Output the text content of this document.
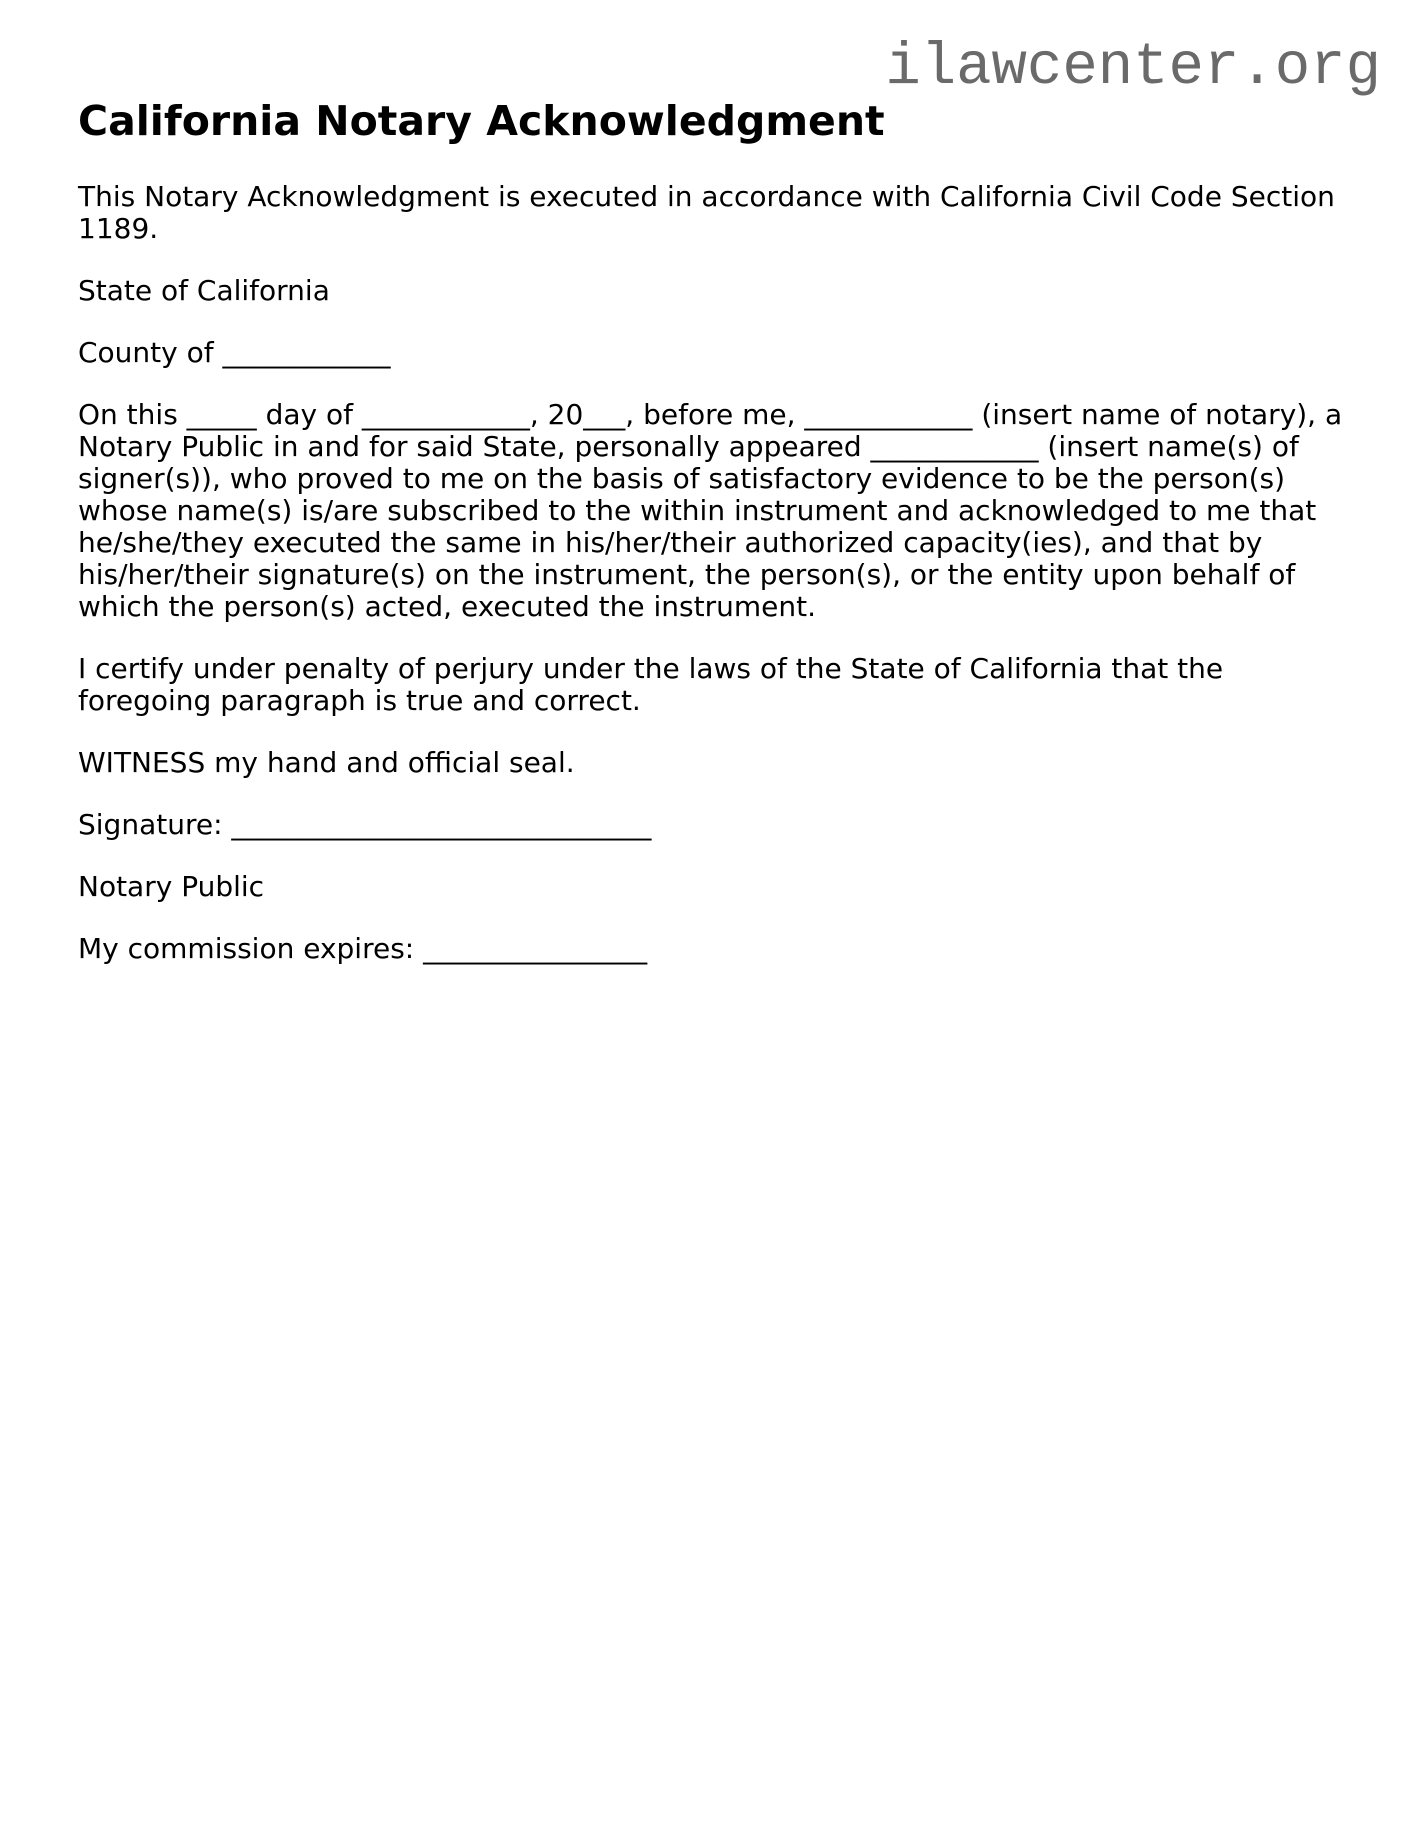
ilawcenter.org
California Notary Acknowledgment

This Notary Acknowledgment is executed in accordance with California Civil Code Section
1189.

State of California

County of ____________

On this _____ day of ____________, 20___, before me, ____________ (insert name of notary), a
Notary Public in and for said State, personally appeared ____________ (insert name(s) of
signer(s)), who proved to me on the basis of satisfactory evidence to be the person(s)
whose name(s) is/are subscribed to the within instrument and acknowledged to me that
he/she/they executed the same in his/her/their authorized capacity(ies), and that by
his/her/their signature(s) on the instrument, the person(s), or the entity upon behalf of
which the person(s) acted, executed the instrument.

I certify under penalty of perjury under the laws of the State of California that the
foregoing paragraph is true and correct.

WITNESS my hand and official seal.

Signature: ______________________________

Notary Public

My commission expires: ________________
